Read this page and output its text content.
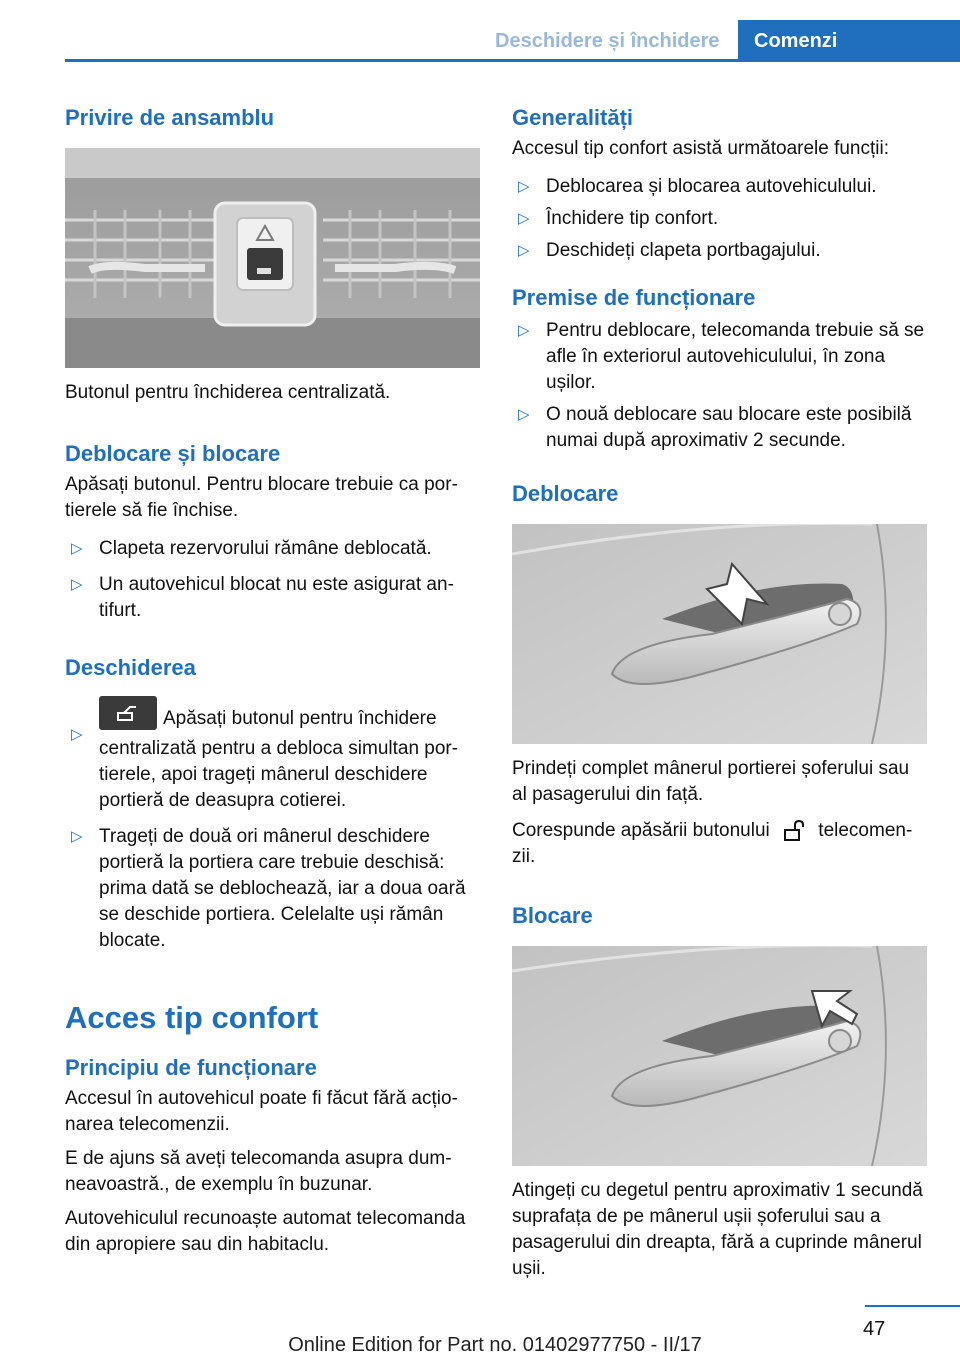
Deschidere și închidere	Comenzi
Privire de ansamblu

Butonul pentru închiderea centralizată.

Deblocare și blocare

Apăsați butonul. Pentru blocare trebuie ca portierele să fie închise.

▷ Clapeta rezervorului rămâne deblocată.
▷ Un autovehicul blocat nu este asigurat antifurt.
Deschiderea
▷
Apăsați butonul pentru închidere centralizată pentru a debloca simultan portierele, apoi trageți mânerul deschidere portieră de deasupra cotierei.
▷ Trageți de două ori mânerul deschidere portieră la portiera care trebuie deschisă: prima dată se deblochează, iar a doua oară se deschide portiera. Celelalte uși rămân blocate.
Acces tip confort
Principiu de funcționare

Accesul în autovehicul poate fi făcut fără acționarea telecomenzii.

E de ajuns să aveți telecomanda asupra dumneavoastră., de exemplu în buzunar.

Autovehiculul recunoaște automat telecomanda din apropiere sau din habitaclu.

Generalități

Accesul tip confort asistă următoarele funcții:

▷ Deblocarea și blocarea autovehiculului.
▷ Închidere tip confort.
▷ Deschideți clapeta portbagajului.
Premise de funcționare
▷ Pentru deblocare, telecomanda trebuie să se afle în exteriorul autovehiculului, în zona ușilor.
▷ O nouă deblocare sau blocare este posibilă numai după aproximativ 2 secunde.
Deblocare

Prindeți complet mânerul portierei șoferului sau al pasagerului din față.

Corespunde apăsării butonului	telecomenzii.

Blocare

Atingeți cu degetul pentru aproximativ 1 secundă suprafața de pe mânerul ușii șoferului sau a pasagerului din dreapta, fără a cuprinde mânerul ușii.

47
Online Edition for Part no. 01402977750 - II/17
